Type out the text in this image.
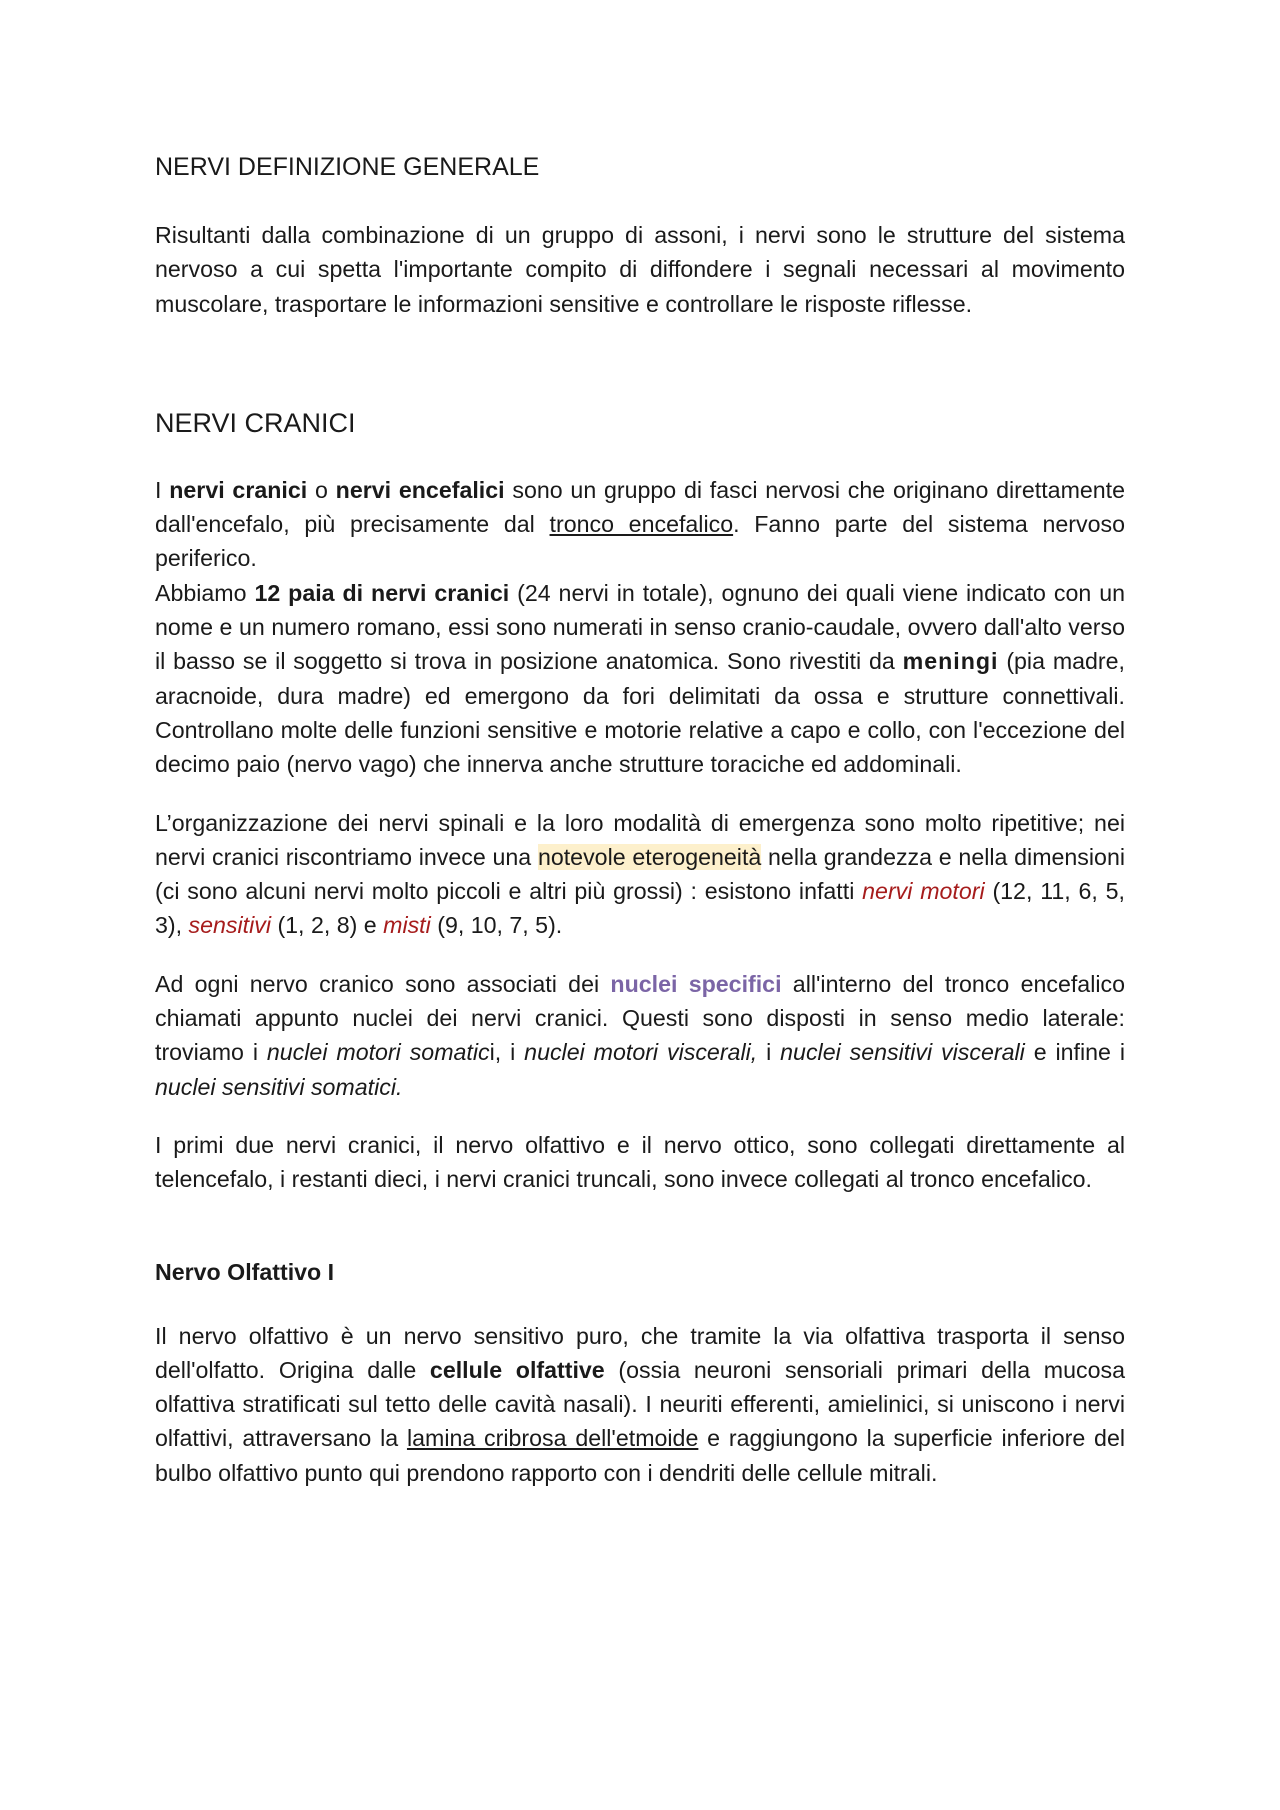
NERVI DEFINIZIONE GENERALE

Risultanti dalla combinazione di un gruppo di assoni, i nervi sono le strutture del sistema nervoso a cui spetta l'importante compito di diffondere i segnali necessari al movimento muscolare, trasportare le informazioni sensitive e controllare le risposte riflesse.

NERVI CRANICI

I nervi cranici o nervi encefalici sono un gruppo di fasci nervosi che originano direttamente dall'encefalo, più precisamente dal tronco encefalico. Fanno parte del sistema nervoso periferico.

Abbiamo 12 paia di nervi cranici (24 nervi in totale), ognuno dei quali viene indicato con un nome e un numero romano, essi sono numerati in senso cranio-caudale, ovvero dall'alto verso il basso se il soggetto si trova in posizione anatomica. Sono rivestiti da meningi (pia madre, aracnoide, dura madre) ed emergono da fori delimitati da ossa e strutture connettivali. Controllano molte delle funzioni sensitive e motorie relative a capo e collo, con l'eccezione del decimo paio (nervo vago) che innerva anche strutture toraciche ed addominali.

L’organizzazione dei nervi spinali e la loro modalità di emergenza sono molto ripetitive; nei nervi cranici riscontriamo invece una notevole eterogeneità nella grandezza e nella dimensioni (ci sono alcuni nervi molto piccoli e altri più grossi) : esistono infatti nervi motori (12, 11, 6, 5, 3), sensitivi (1, 2, 8) e misti (9, 10, 7, 5).

Ad ogni nervo cranico sono associati dei nuclei specifici all'interno del tronco encefalico chiamati appunto nuclei dei nervi cranici. Questi sono disposti in senso medio laterale: troviamo i nuclei motori somatici, i nuclei motori viscerali, i nuclei sensitivi viscerali e infine i nuclei sensitivi somatici.

I primi due nervi cranici, il nervo olfattivo e il nervo ottico, sono collegati direttamente al telencefalo, i restanti dieci, i nervi cranici truncali, sono invece collegati al tronco encefalico.

Nervo Olfattivo I

Il nervo olfattivo è un nervo sensitivo puro, che tramite la via olfattiva trasporta il senso dell'olfatto. Origina dalle cellule olfattive (ossia neuroni sensoriali primari della mucosa olfattiva stratificati sul tetto delle cavità nasali). I neuriti efferenti, amielinici, si uniscono i nervi olfattivi, attraversano la lamina cribrosa dell'etmoide e raggiungono la superficie inferiore del bulbo olfattivo punto qui prendono rapporto con i dendriti delle cellule mitrali.
